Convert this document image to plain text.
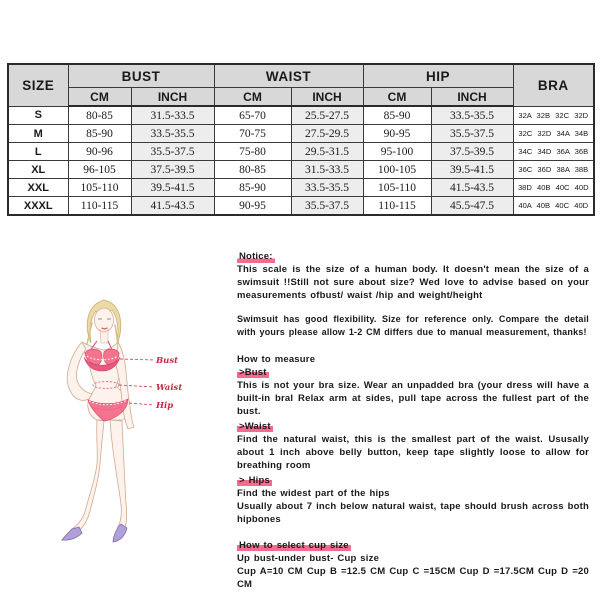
SIZE	BUST		WAIST		HIP		BRA
	CM	INCH	CM	INCH	CM	INCH	
S	80-85	31.5-33.5	65-70	25.5-27.5	85-90	33.5-35.5	32A 32B 32C 32D
M	85-90	33.5-35.5	70-75	27.5-29.5	90-95	35.5-37.5	32C 32D 34A 34B
L	90-96	35.5-37.5	75-80	29.5-31.5	95-100	37.5-39.5	34C 34D 36A 36B
XL	96-105	37.5-39.5	80-85	31.5-33.5	100-105	39.5-41.5	36C 36D 38A 38B
XXL	105-110	39.5-41.5	85-90	33.5-35.5	105-110	41.5-43.5	38D 40B 40C 40D
XXXL	110-115	41.5-43.5	90-95	35.5-37.5	110-115	45.5-47.5	40A 40B 40C 40D
Bust
Waist
Hip
Notice:

This scale is the size of a human body. It doesn't mean the size of a swimsuit !!Still not sure about size? Wed love to advise based on your measurements ofbust/ waist /hip and weight/height

Swimsuit has good flexibility. Size for reference only. Compare the detail with yours please allow 1-2 CM differs due to manual measurement, thanks!

How to measure

>Bust

This is not your bra size. Wear an unpadded bra (your dress will have a built-in bral Relax arm at sides, pull tape across the fullest part of the bust.

>Waist

Find the natural waist, this is the smallest part of the waist. Ususally about 1 inch above belly button, keep tape slightly loose to allow for breathing room

> Hips

Find the widest part of the hips

Usually about 7 inch below natural waist, tape should brush across both hipbones

How to select cup size

Up bust-under bust- Cup size

Cup A=10 CM Cup B =12.5 CM Cup C =15CM Cup D =17.5CM Cup D =20 CM
